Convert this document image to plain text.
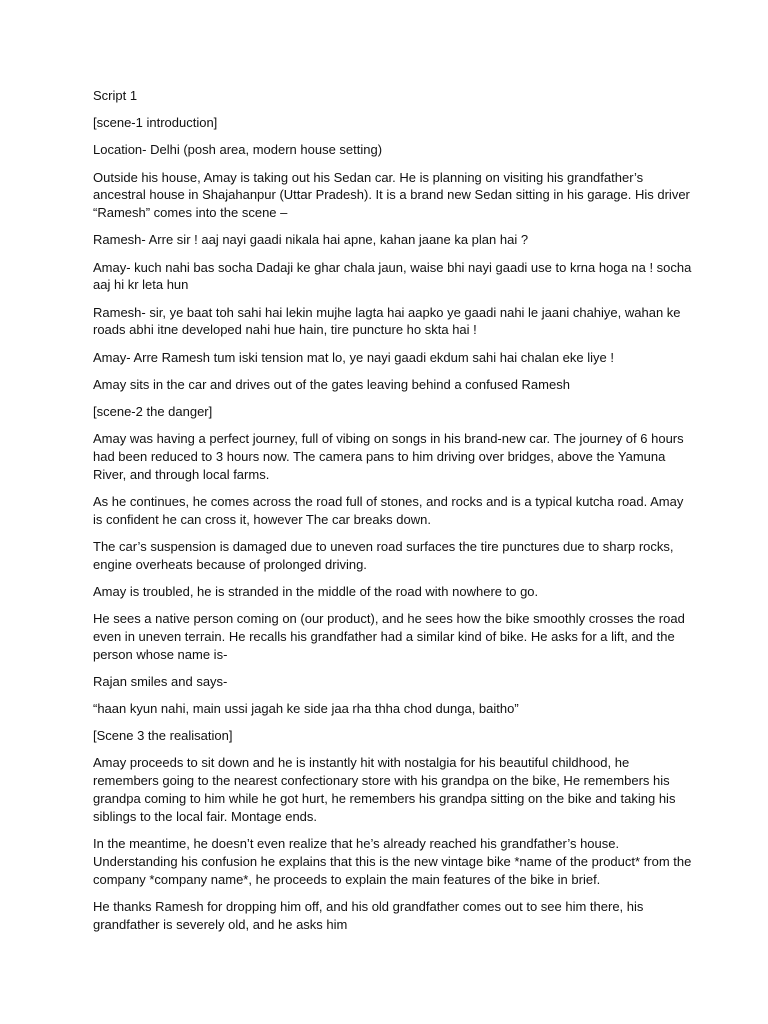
Script 1

[scene-1 introduction]

Location- Delhi (posh area, modern house setting)

Outside his house, Amay is taking out his Sedan car. He is planning on visiting his grandfather’s ancestral house in Shajahanpur (Uttar Pradesh). It is a brand new Sedan sitting in his garage. His driver “Ramesh” comes into the scene –

Ramesh- Arre sir ! aaj nayi gaadi nikala hai apne, kahan jaane ka plan hai ?

Amay- kuch nahi bas socha Dadaji ke ghar chala jaun, waise bhi nayi gaadi use to krna hoga na ! socha aaj hi kr leta hun

Ramesh- sir, ye baat toh sahi hai lekin mujhe lagta hai aapko ye gaadi nahi le jaani chahiye, wahan ke roads abhi itne developed nahi hue hain, tire puncture ho skta hai !

Amay- Arre Ramesh tum iski tension mat lo, ye nayi gaadi ekdum sahi hai chalan eke liye !

Amay sits in the car and drives out of the gates leaving behind a confused Ramesh

[scene-2 the danger]

Amay was having a perfect journey, full of vibing on songs in his brand-new car. The journey of 6 hours had been reduced to 3 hours now. The camera pans to him driving over bridges, above the Yamuna River, and through local farms.

As he continues, he comes across the road full of stones, and rocks and is a typical kutcha road. Amay is confident he can cross it, however The car breaks down.

The car’s suspension is damaged due to uneven road surfaces the tire punctures due to sharp rocks, engine overheats because of prolonged driving.

Amay is troubled, he is stranded in the middle of the road with nowhere to go.

He sees a native person coming on (our product), and he sees how the bike smoothly crosses the road even in uneven terrain. He recalls his grandfather had a similar kind of bike. He asks for a lift, and the person whose name is-

Rajan smiles and says-

“haan kyun nahi, main ussi jagah ke side jaa rha thha chod dunga, baitho”

[Scene 3 the realisation]

Amay proceeds to sit down and he is instantly hit with nostalgia for his beautiful childhood, he remembers going to the nearest confectionary store with his grandpa on the bike, He remembers his grandpa coming to him while he got hurt, he remembers his grandpa sitting on the bike and taking his siblings to the local fair. Montage ends.

In the meantime, he doesn’t even realize that he’s already reached his grandfather’s house. Understanding his confusion he explains that this is the new vintage bike *name of the product* from the company *company name*, he proceeds to explain the main features of the bike in brief.

He thanks Ramesh for dropping him off, and his old grandfather comes out to see him there, his grandfather is severely old, and he asks him
